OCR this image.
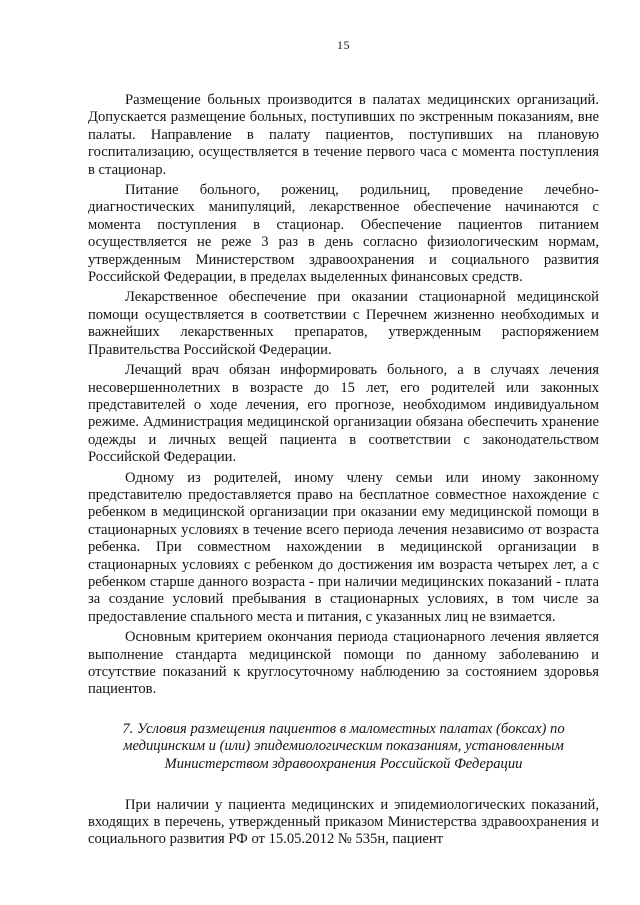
15

Размещение больных производится в палатах медицинских организаций. Допускается размещение больных, поступивших по экстренным показаниям, вне палаты. Направление в палату пациентов, поступивших на плановую госпитализацию, осуществляется в течение первого часа с момента поступления в стационар.

Питание больного, рожениц, родильниц, проведение лечебно-диагностических манипуляций, лекарственное обеспечение начинаются с момента поступления в стационар. Обеспечение пациентов питанием осуществляется не реже 3 раз в день согласно физиологическим нормам, утвержденным Министерством здравоохранения и социального развития Российской Федерации, в пределах выделенных финансовых средств.

Лекарственное обеспечение при оказании стационарной медицинской помощи осуществляется в соответствии с Перечнем жизненно необходимых и важнейших лекарственных препаратов, утвержденным распоряжением Правительства Российской Федерации.

Лечащий врач обязан информировать больного, а в случаях лечения несовершеннолетних в возрасте до 15 лет, его родителей или законных представителей о ходе лечения, его прогнозе, необходимом индивидуальном режиме. Администрация медицинской организации обязана обеспечить хранение одежды и личных вещей пациента в соответствии с законодательством Российской Федерации.

Одному из родителей, иному члену семьи или иному законному представителю предоставляется право на бесплатное совместное нахождение с ребенком в медицинской организации при оказании ему медицинской помощи в стационарных условиях в течение всего периода лечения независимо от возраста ребенка. При совместном нахождении в медицинской организации в стационарных условиях с ребенком до достижения им возраста четырех лет, а с ребенком старше данного возраста - при наличии медицинских показаний - плата за создание условий пребывания в стационарных условиях, в том числе за предоставление спального места и питания, с указанных лиц не взимается.

Основным критерием окончания периода стационарного лечения является выполнение стандарта медицинской помощи по данному заболеванию и отсутствие показаний к круглосуточному наблюдению за состоянием здоровья пациентов.

7. Условия размещения пациентов в маломестных палатах (боксах) по медицинским и (или) эпидемиологическим показаниям, установленным Министерством здравоохранения Российской Федерации

При наличии у пациента медицинских и эпидемиологических показаний, входящих в перечень, утвержденный приказом Министерства здравоохранения и социального развития РФ от 15.05.2012 № 535н, пациент
